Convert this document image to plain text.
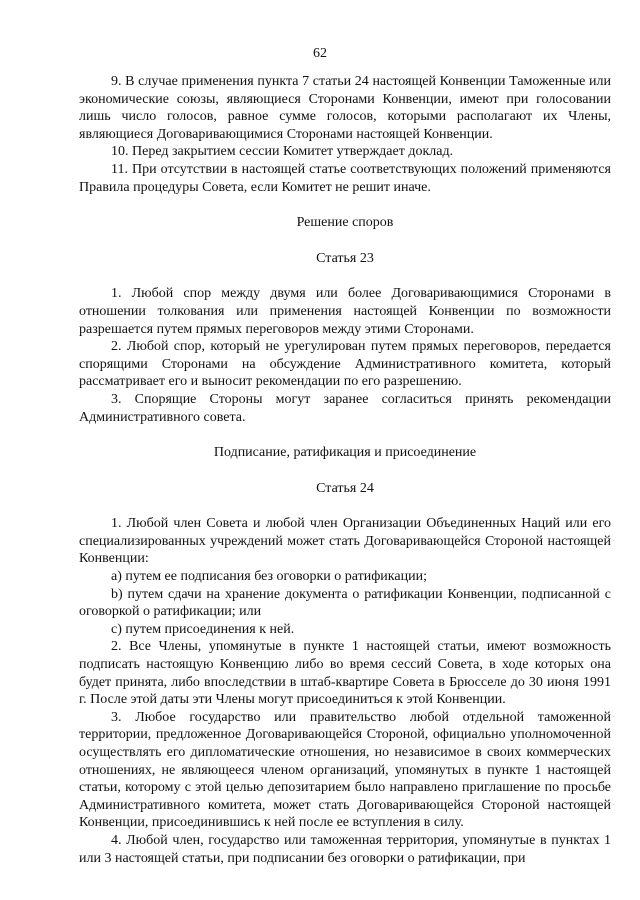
62

9. В случае применения пункта 7 статьи 24 настоящей Конвенции Таможенные или экономические союзы, являющиеся Сторонами Конвенции, имеют при голосовании лишь число голосов, равное сумме голосов, которыми располагают их Члены, являющиеся Договаривающимися Сторонами настоящей Конвенции.

10. Перед закрытием сессии Комитет утверждает доклад.

11. При отсутствии в настоящей статье соответствующих положений применяются Правила процедуры Совета, если Комитет не решит иначе.

Решение споров

Статья 23

1. Любой спор между двумя или более Договаривающимися Сторонами в отношении толкования или применения настоящей Конвенции по возможности разрешается путем прямых переговоров между этими Сторонами.

2. Любой спор, который не урегулирован путем прямых переговоров, передается спорящими Сторонами на обсуждение Административного комитета, который рассматривает его и выносит рекомендации по его разрешению.

3. Спорящие Стороны могут заранее согласиться принять рекомендации Административного совета.

Подписание, ратификация и присоединение

Статья 24

1. Любой член Совета и любой член Организации Объединенных Наций или его специализированных учреждений может стать Договаривающейся Стороной настоящей Конвенции:

a) путем ее подписания без оговорки о ратификации;

b) путем сдачи на хранение документа о ратификации Конвенции, подписанной с оговоркой о ратификации; или

c) путем присоединения к ней.

2. Все Члены, упомянутые в пункте 1 настоящей статьи, имеют возможность подписать настоящую Конвенцию либо во время сессий Совета, в ходе которых она будет принята, либо впоследствии в штаб-квартире Совета в Брюсселе до 30 июня 1991 г. После этой даты эти Члены могут присоединиться к этой Конвенции.

3. Любое государство или правительство любой отдельной таможенной территории, предложенное Договаривающейся Стороной, официально уполномоченной осуществлять его дипломатические отношения, но независимое в своих коммерческих отношениях, не являющееся членом организаций, упомянутых в пункте 1 настоящей статьи, которому с этой целью депозитарием было направлено приглашение по просьбе Административного комитета, может стать Договаривающейся Стороной настоящей Конвенции, присоединившись к ней после ее вступления в силу.

4. Любой член, государство или таможенная территория, упомянутые в пунктах 1 или 3 настоящей статьи, при подписании без оговорки о ратификации, при
